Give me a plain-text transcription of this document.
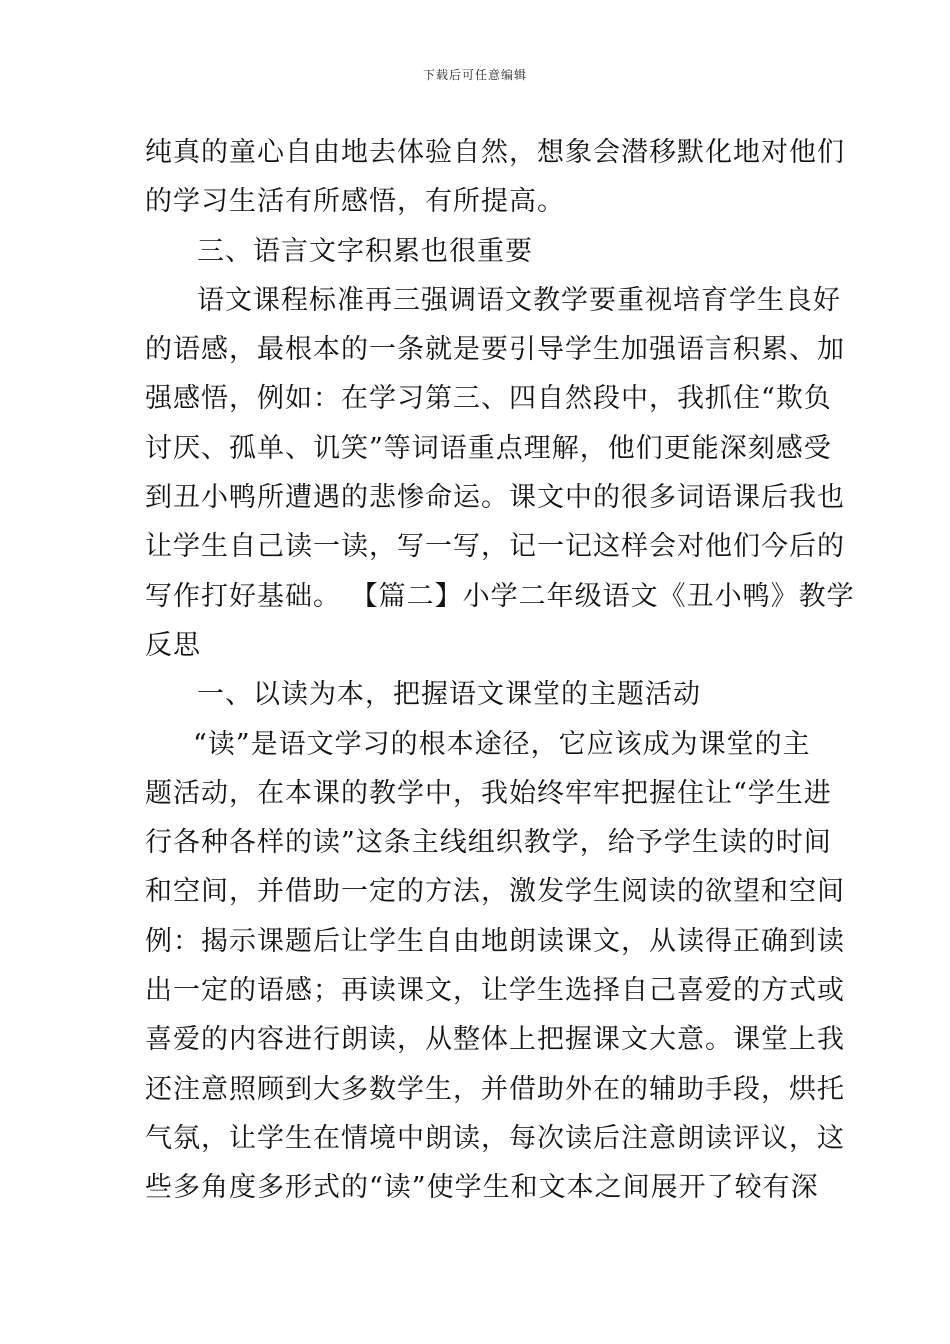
下载后可任意编辑
纯真的童心自由地去体验自然，想象会潜移默化地对他们
的学习生活有所感悟，有所提高。
三、语言文字积累也很重要
语文课程标准再三强调语文教学要重视培育学生良好
的语感，最根本的一条就是要引导学生加强语言积累、加
强感悟，例如：在学习第三、四自然段中，我抓住“欺负
讨厌、孤单、讥笑”等词语重点理解，他们更能深刻感受
到丑小鸭所遭遇的悲惨命运。课文中的很多词语课后我也
让学生自己读一读，写一写，记一记这样会对他们今后的
写作打好基础。 【篇二】小学二年级语文《丑小鸭》教学
反思
一、以读为本，把握语文课堂的主题活动
“读”是语文学习的根本途径，它应该成为课堂的主
题活动，在本课的教学中，我始终牢牢把握住让“学生进
行各种各样的读”这条主线组织教学，给予学生读的时间
和空间，并借助一定的方法，激发学生阅读的欲望和空间
例：揭示课题后让学生自由地朗读课文，从读得正确到读
出一定的语感；再读课文，让学生选择自己喜爱的方式或
喜爱的内容进行朗读，从整体上把握课文大意。课堂上我
还注意照顾到大多数学生，并借助外在的辅助手段，烘托
气氛，让学生在情境中朗读，每次读后注意朗读评议，这
些多角度多形式的“读”使学生和文本之间展开了较有深
